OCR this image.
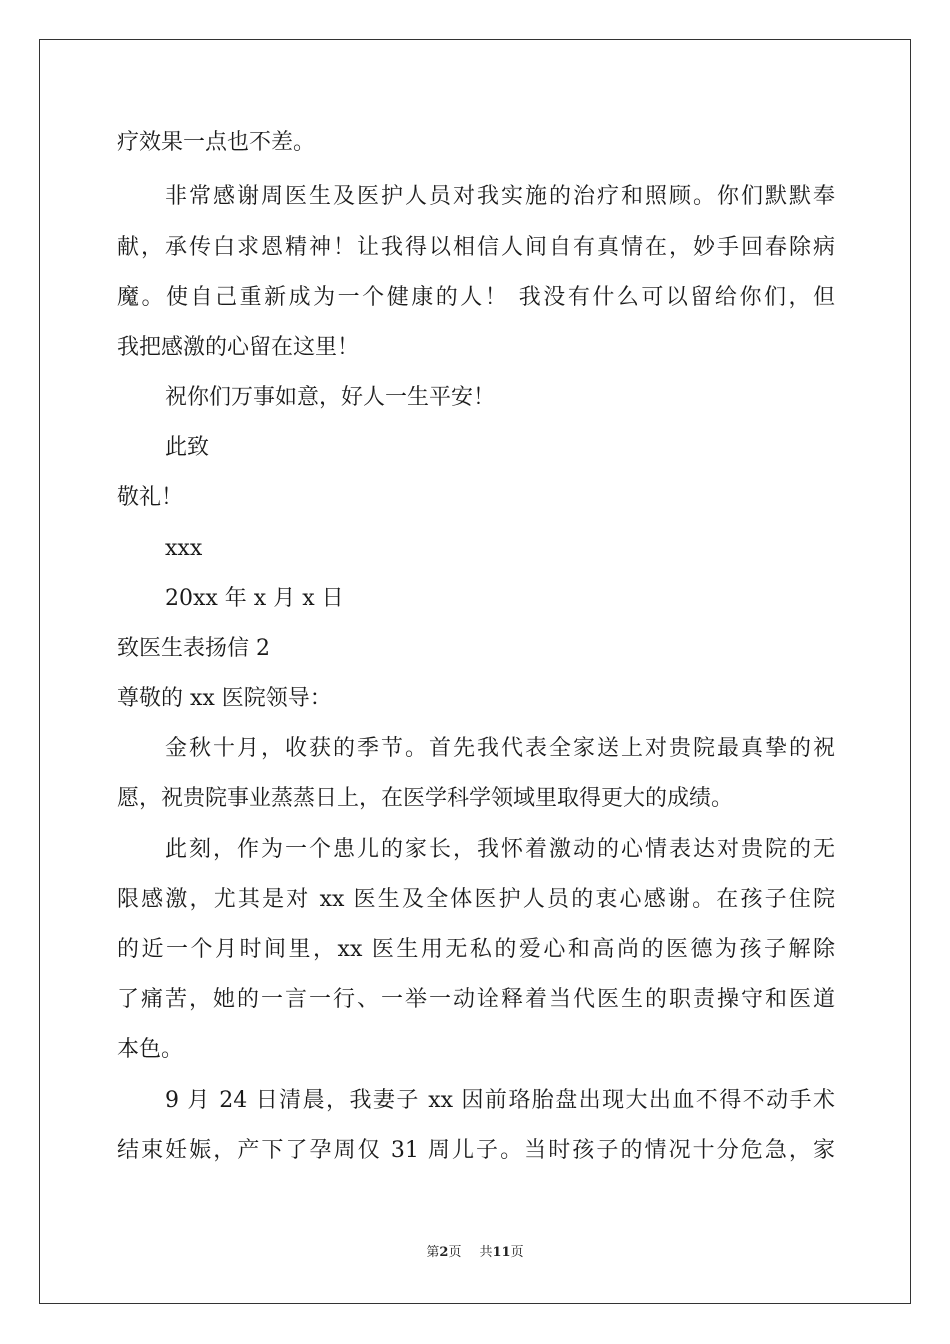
疗效果一点也不差。
非常感谢周医生及医护人员对我实施的治疗和照顾。你们默默奉
献，承传白求恩精神！让我得以相信人间自有真情在，妙手回春除病
魔。使自己重新成为一个健康的人！ 我没有什么可以留给你们，但
我把感激的心留在这里！
祝你们万事如意，好人一生平安！
此致
敬礼！
xxx
20xx 年 x 月 x 日
致医生表扬信 2
尊敬的 xx 医院领导：
金秋十月，收获的季节。首先我代表全家送上对贵院最真挚的祝
愿，祝贵院事业蒸蒸日上，在医学科学领域里取得更大的成绩。
此刻，作为一个患儿的家长，我怀着激动的心情表达对贵院的无
限感激，尤其是对 xx 医生及全体医护人员的衷心感谢。在孩子住院
的近一个月时间里，xx 医生用无私的爱心和高尚的医德为孩子解除
了痛苦，她的一言一行、一举一动诠释着当代医生的职责操守和医道
本色。
9 月 24 日清晨，我妻子 xx 因前珞胎盘出现大出血不得不动手术
结束妊娠，产下了孕周仅 31 周儿子。当时孩子的情况十分危急，家
第2页 共11页
